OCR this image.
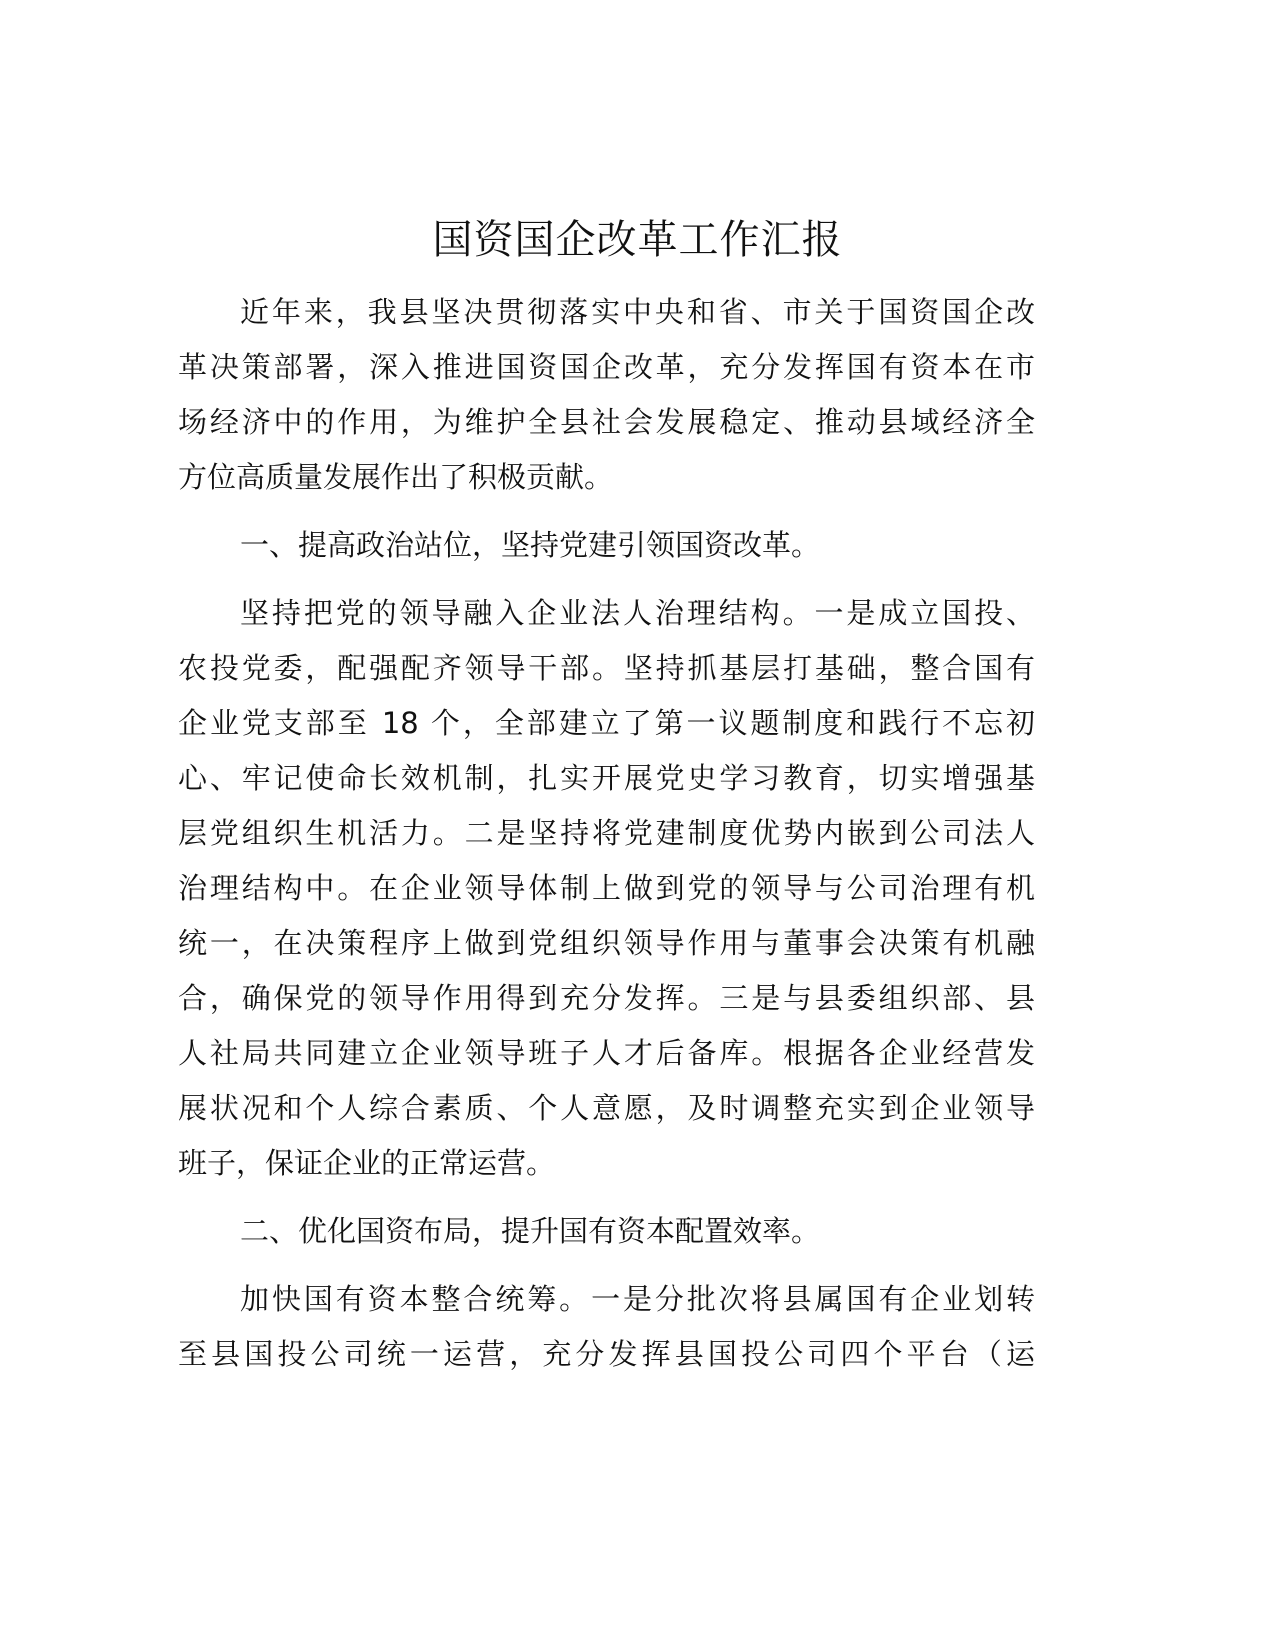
国资国企改革工作汇报
近年来，我县坚决贯彻落实中央和省、市关于国资国企改
革决策部署，深入推进国资国企改革，充分发挥国有资本在市
场经济中的作用，为维护全县社会发展稳定、推动县域经济全
方位高质量发展作出了积极贡献。
一、提高政治站位，坚持党建引领国资改革。
坚持把党的领导融入企业法人治理结构。一是成立国投、
农投党委，配强配齐领导干部。坚持抓基层打基础，整合国有
企业党支部至 18 个，全部建立了第一议题制度和践行不忘初
心、牢记使命长效机制，扎实开展党史学习教育，切实增强基
层党组织生机活力。二是坚持将党建制度优势内嵌到公司法人
治理结构中。在企业领导体制上做到党的领导与公司治理有机
统一，在决策程序上做到党组织领导作用与董事会决策有机融
合，确保党的领导作用得到充分发挥。三是与县委组织部、县
人社局共同建立企业领导班子人才后备库。根据各企业经营发
展状况和个人综合素质、个人意愿，及时调整充实到企业领导
班子，保证企业的正常运营。
二、优化国资布局，提升国有资本配置效率。
加快国有资本整合统筹。一是分批次将县属国有企业划转
至县国投公司统一运营，充分发挥县国投公司四个平台（运
